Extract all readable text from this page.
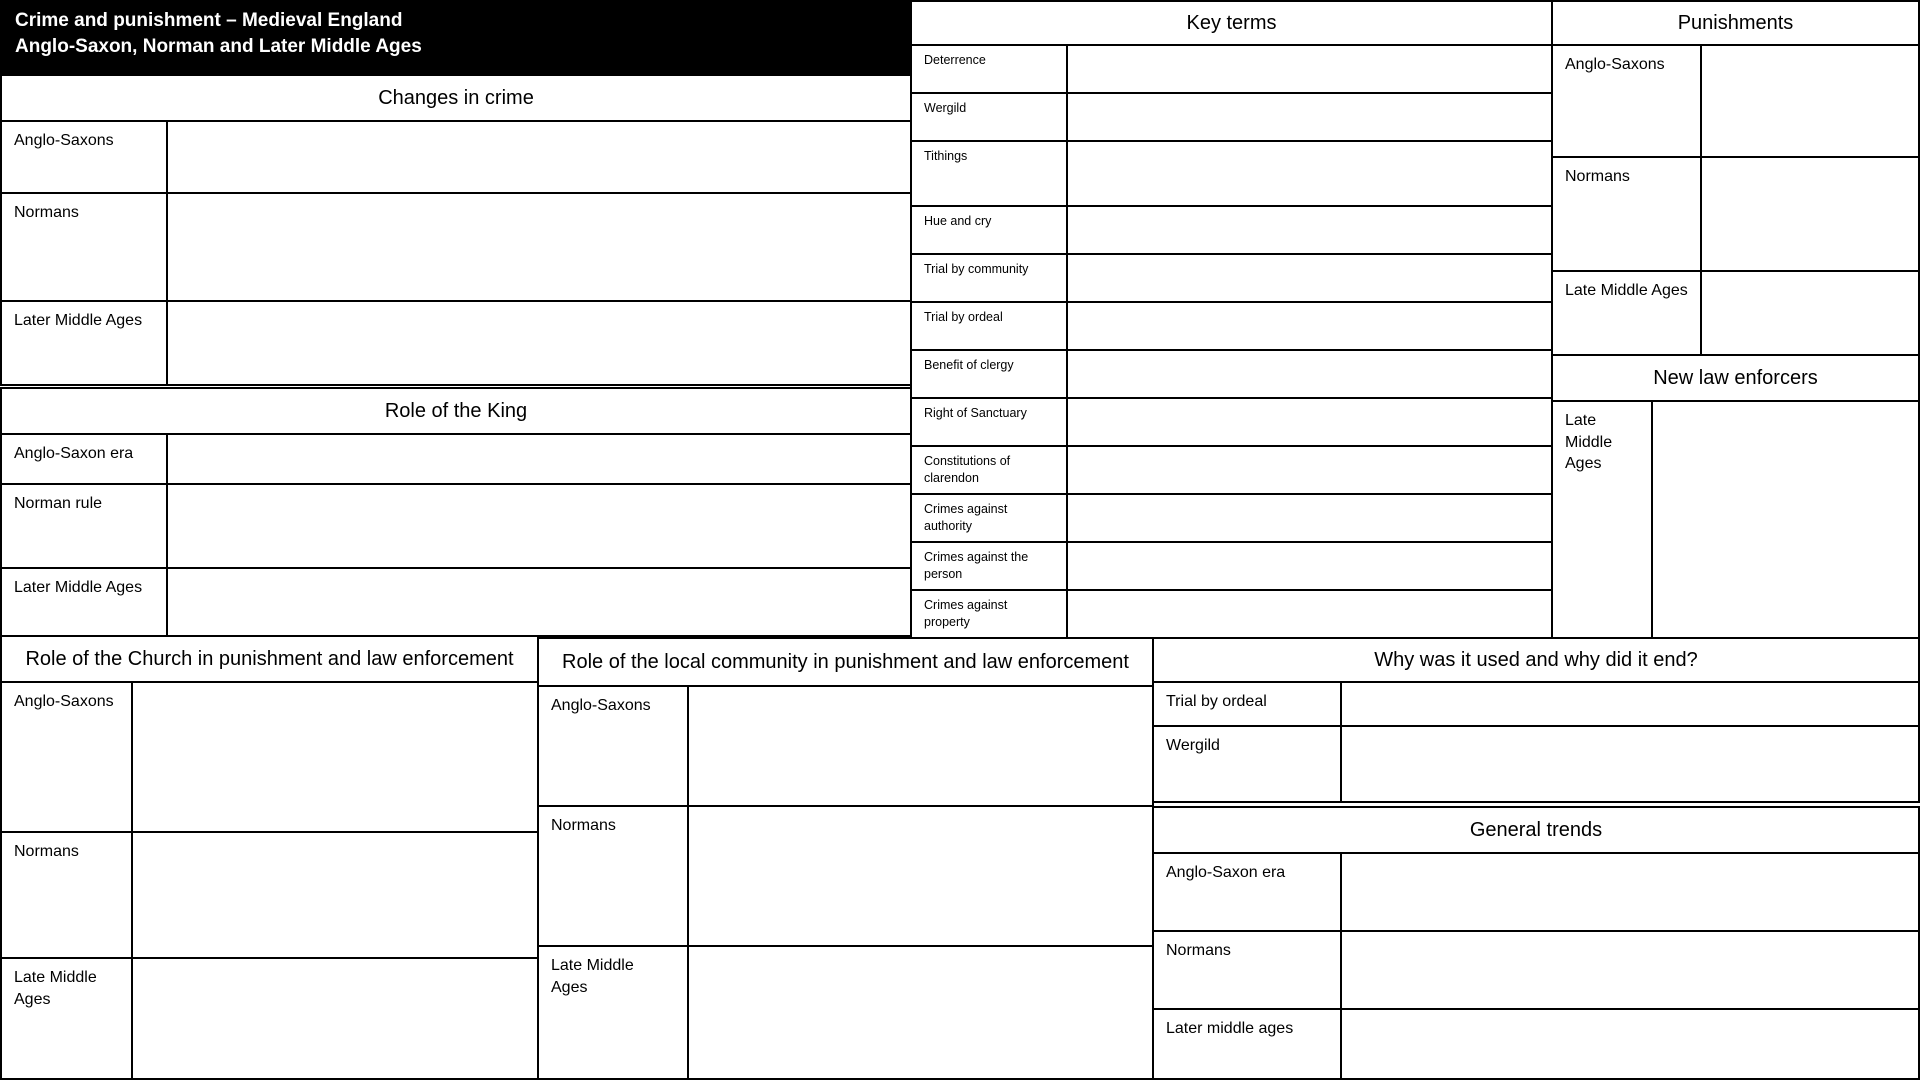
Crime and punishment – Medieval England
Anglo-Saxon, Norman and Later Middle Ages
Changes in crime
Anglo-Saxons
Normans
Later Middle Ages
Role of the King
Anglo-Saxon era
Norman rule
Later Middle Ages
Key terms
Deterrence
Wergild
Tithings
Hue and cry
Trial by community
Trial by ordeal
Benefit of clergy
Right of Sanctuary
Constitutions of clarendon
Crimes against authority
Crimes against the person
Crimes against property
Punishments
Anglo-Saxons
Normans
Late Middle Ages
New law enforcers
Late Middle Ages
Role of the Church in punishment and law enforcement
Anglo-Saxons
Normans
Late Middle Ages
Role of the local community in punishment and law enforcement
Anglo-Saxons
Normans
Late Middle Ages
Why was it used and why did it end?
Trial by ordeal
Wergild
General trends
Anglo-Saxon era
Normans
Later middle ages
